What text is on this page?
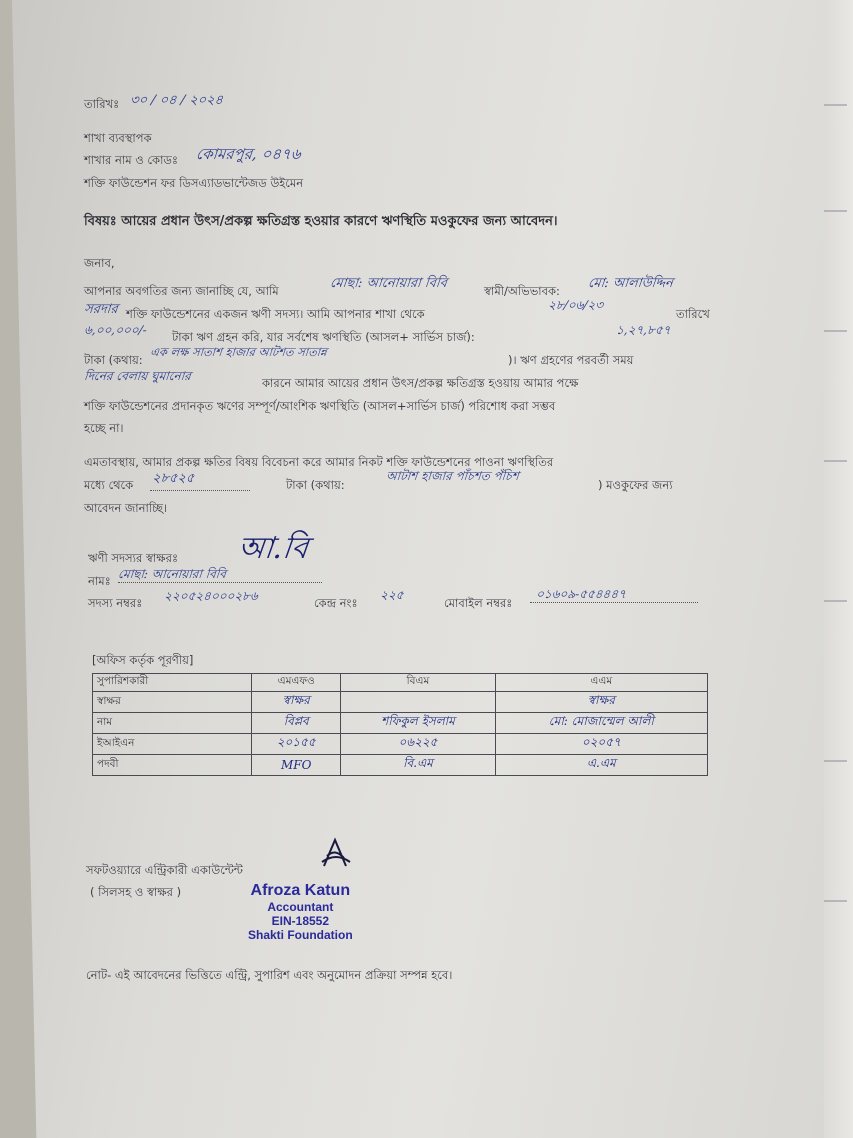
তারিখঃ ৩০ / ০৪ / ২০২৪
শাখা ব্যবস্থাপক
শাখার নাম ও কোডঃ কোমরপুর, ০৪৭৬
শক্তি ফাউন্ডেশন ফর ডিসএ্যাডভান্টেজড উইমেন
বিষয়ঃ আয়ের প্রধান উৎস/প্রকল্প ক্ষতিগ্রস্ত হওয়ার কারণে ঋণস্থিতি মওকুফের জন্য আবেদন।
জনাব,
আপনার অবগতির জন্য জানাচ্ছি যে, আমি	মোছা: আনোয়ারা বিবি	স্বামী/অভিভাবক: মো: আলাউদ্দিন
সরদার শক্তি ফাউন্ডেশনের একজন ঋণী সদস্য। আমি আপনার শাখা থেকে
২৮/০৬/২৩
তারিখে
৬,০০,০০০/- টাকা ঋণ গ্রহন করি, যার সর্বশেষ ঋণস্থিতি (আসল+ সার্ভিস চার্জ):	১,২৭,৮৫৭
টাকা (কথায়:
এক লক্ষ সাতাশ হাজার আটশত সাতান্ন
)। ঋণ গ্রহণের পরবর্তী সময়
দিনের বেলায় ঘুমানোর	কারনে আমার আয়ের প্রধান উৎস/প্রকল্প ক্ষতিগ্রস্ত হওয়ায় আমার পক্ষে
শক্তি ফাউন্ডেশনের প্রদানকৃত ঋণের সম্পূর্ণ/আংশিক ঋণস্থিতি (আসল+সার্ভিস চার্জ) পরিশোধ করা সম্ভব
হচ্ছে না।
এমতাবস্থায়, আমার প্রকল্প ক্ষতির বিষয় বিবেচনা করে আমার নিকট শক্তি ফাউন্ডেশনের পাওনা ঋণস্থিতির
মধ্যে থেকে ২৮৫২৫	টাকা (কথায়:
আটাশ হাজার পাঁচশত পঁচিশ
) মওকুফের জন্য
আবেদন জানাচ্ছি।
ঋণী সদস্যর স্বাক্ষরঃ আ.বি
নামঃ মোছা: আনোয়ারা বিবি
সদস্য নম্বরঃ ২২০৫২৪০০০২৮৬	কেন্দ্র নংঃ
২২৫
মোবাইল নম্বরঃ
০১৬০৯-৫৫৪৪৪৭
[অফিস কর্তৃক পূরণীয়]
সুপারিশকারী	এমএফও	বিএম	এএম
স্বাক্ষর	স্বাক্ষর		স্বাক্ষর
নাম	বিপ্লব	শফিকুল ইসলাম	মো: মোজাম্মেল আলী
ইআইএন	২০১৫৫	০৬২২৫	০২০৫৭
পদবী	MFO	বি.এম	এ.এম
সফটওয়্যারে এন্ট্রিকারী একাউন্টেন্ট
( সিলসহ ও স্বাক্ষর )	Afroza Katun
Accountant
EIN-18552
Shakti Foundation
নোট- এই আবেদনের ভিত্তিতে এন্ট্রি, সুপারিশ এবং অনুমোদন প্রক্রিয়া সম্পন্ন হবে।
